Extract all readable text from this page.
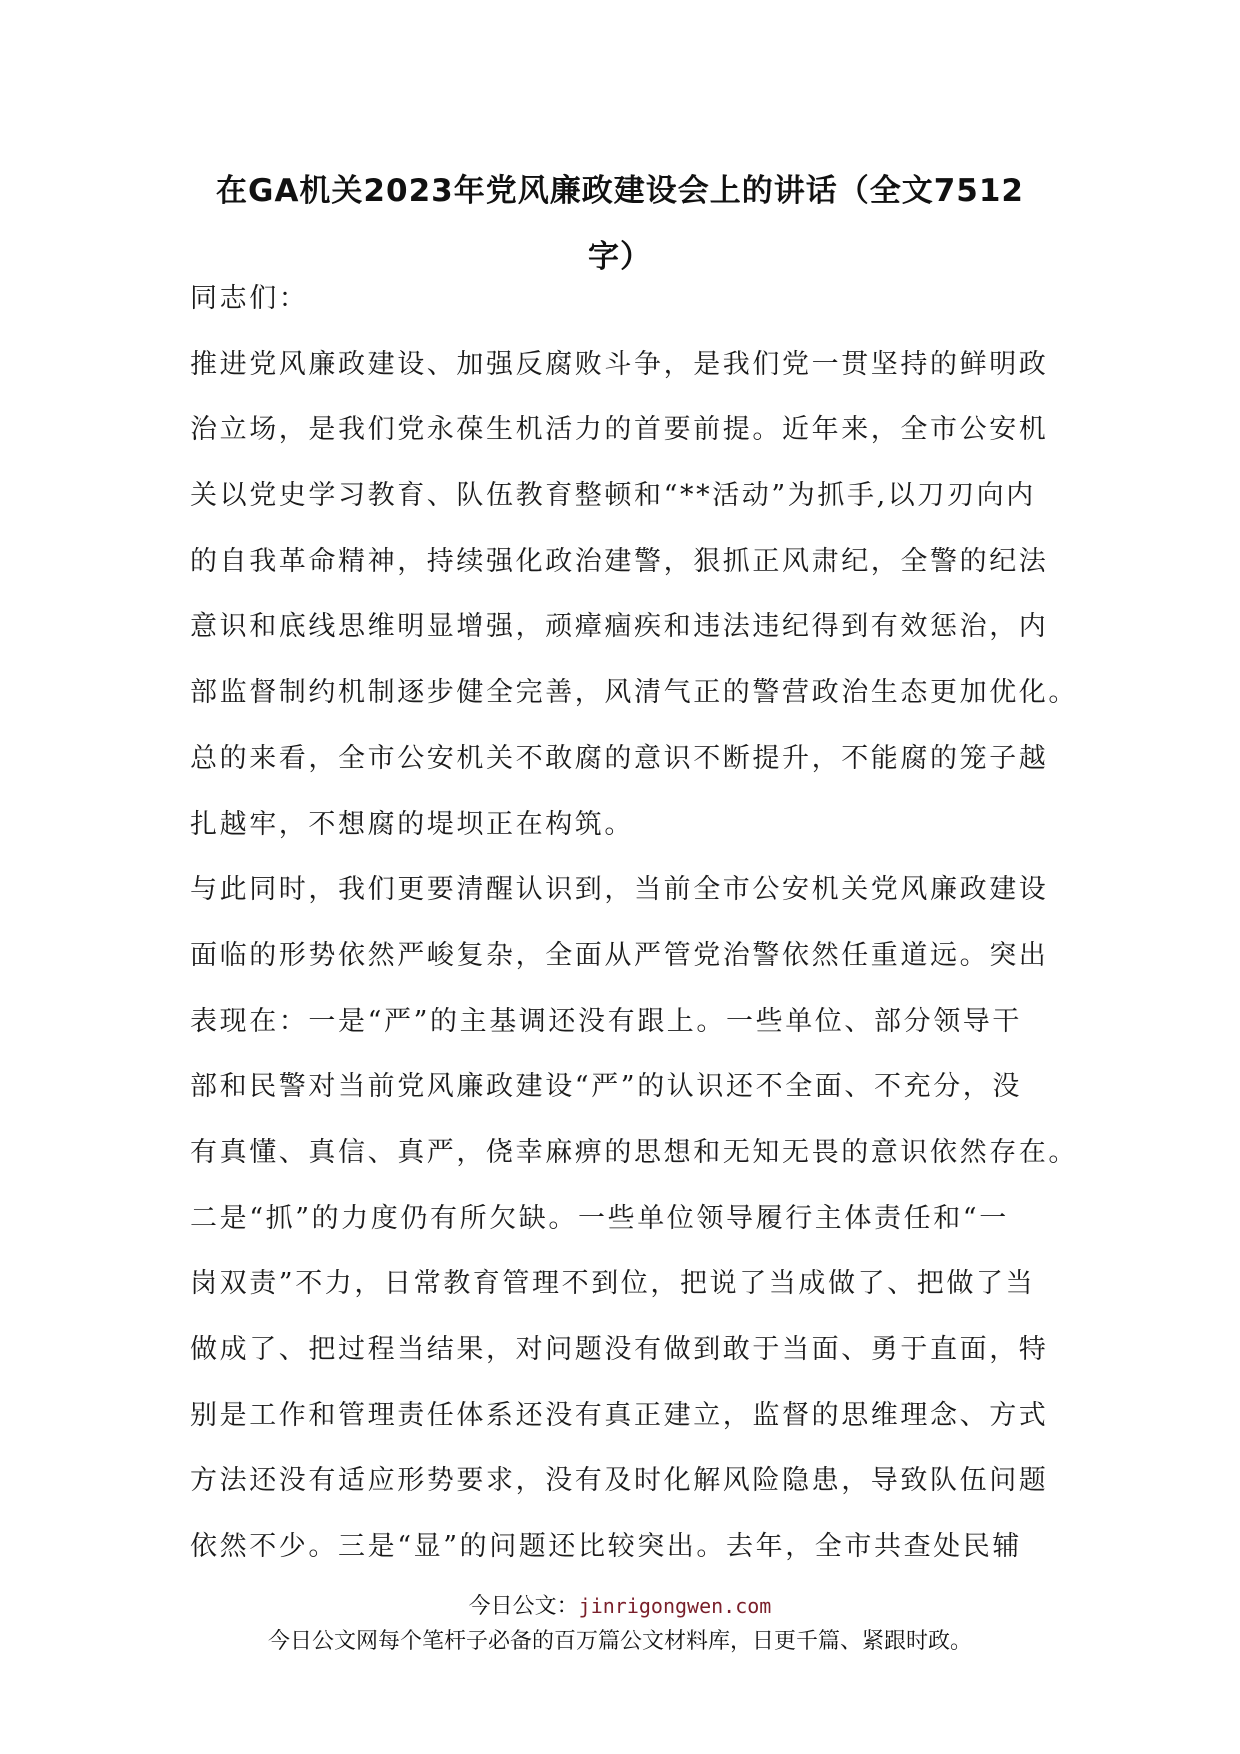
在GA机关2023年党风廉政建设会上的讲话（全文7512
字）
同志们：
推进党风廉政建设、加强反腐败斗争，是我们党一贯坚持的鲜明政
治立场，是我们党永葆生机活力的首要前提。近年来，全市公安机
关以党史学习教育、队伍教育整顿和“**活动”为抓手,以刀刃向内
的自我革命精神，持续强化政治建警，狠抓正风肃纪，全警的纪法
意识和底线思维明显增强，顽瘴痼疾和违法违纪得到有效惩治，内
部监督制约机制逐步健全完善，风清气正的警营政治生态更加优化。
总的来看，全市公安机关不敢腐的意识不断提升，不能腐的笼子越
扎越牢，不想腐的堤坝正在构筑。
与此同时，我们更要清醒认识到，当前全市公安机关党风廉政建设
面临的形势依然严峻复杂，全面从严管党治警依然任重道远。突出
表现在：一是“严”的主基调还没有跟上。一些单位、部分领导干
部和民警对当前党风廉政建设“严”的认识还不全面、不充分，没
有真懂、真信、真严，侥幸麻痹的思想和无知无畏的意识依然存在。
二是“抓”的力度仍有所欠缺。一些单位领导履行主体责任和“一
岗双责”不力，日常教育管理不到位，把说了当成做了、把做了当
做成了、把过程当结果，对问题没有做到敢于当面、勇于直面，特
别是工作和管理责任体系还没有真正建立，监督的思维理念、方式
方法还没有适应形势要求，没有及时化解风险隐患，导致队伍问题
依然不少。三是“显”的问题还比较突出。去年，全市共查处民辅
今日公文：jinrigongwen.com
今日公文网每个笔杆子必备的百万篇公文材料库，日更千篇、紧跟时政。
